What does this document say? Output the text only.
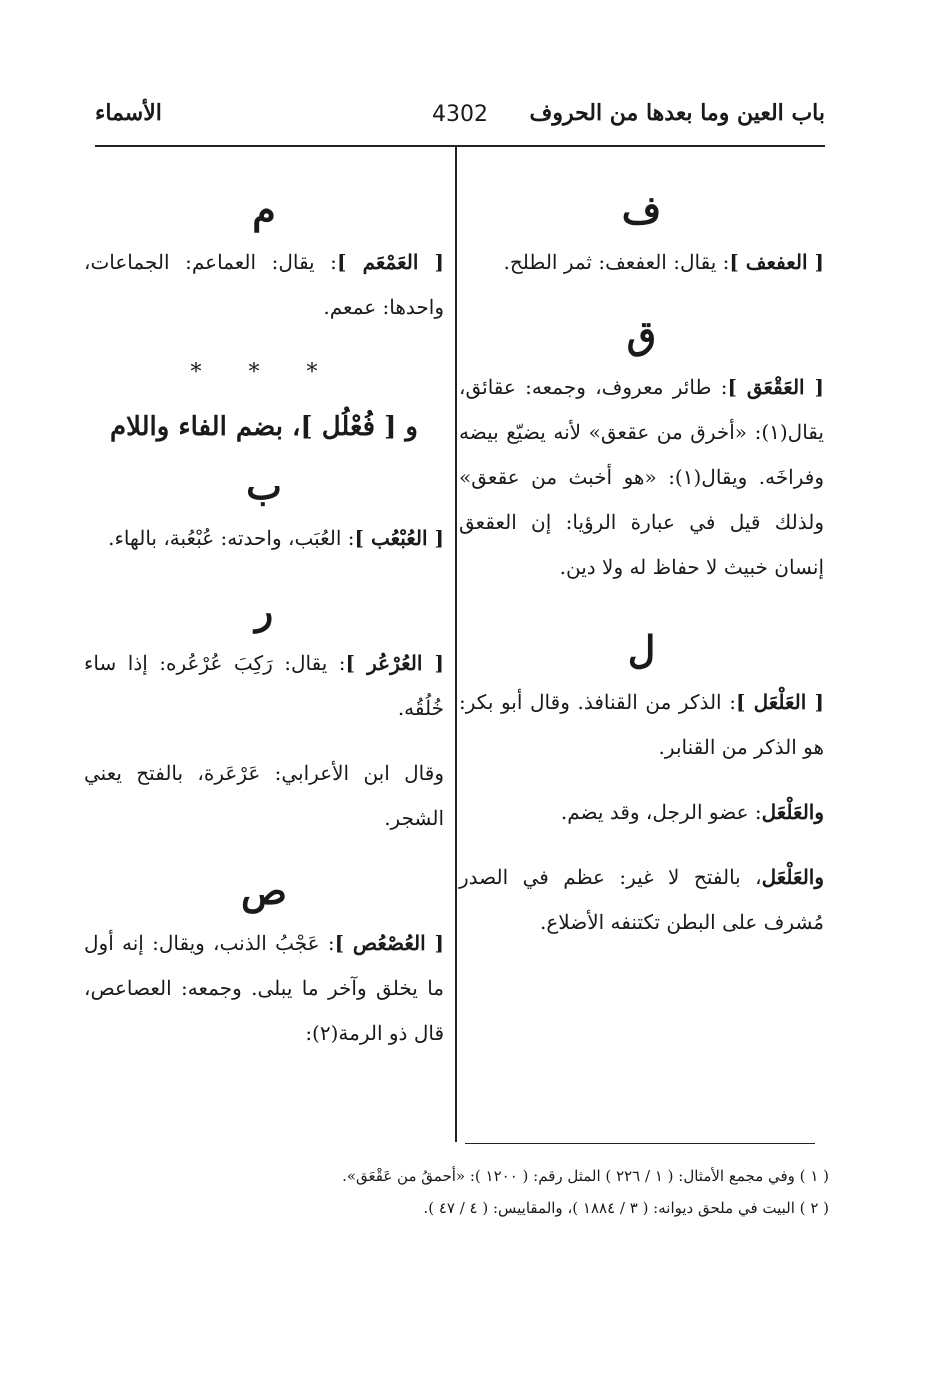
باب العين وما بعدها من الحروف
4302
الأسماء
ف

[ العفعف ]: يقال: العفعف: ثمر الطلح.

ق

[ العَقْعَق ]: طائر معروف، وجمعه: عقائق، يقال(١): «أخرق من عقعق» لأنه يضيّع بيضه وفراخَه. ويقال(١): «هو أخبث من عقعق» ولذلك قيل في عبارة الرؤيا: إن العقعق إنسان خبيث لا حفاظ له ولا دين.

ل

[ العَلْعَل ]: الذكر من القنافذ. وقال أبو بكر: هو الذكر من القنابر.

والعَلْعَل: عضو الرجل، وقد يضم.

والعَلْعَل، بالفتح لا غير: عظم في الصدر مُشرف على البطن تكتنفه الأضلاع.

م

[ العَمْعَم ]: يقال: العماعم: الجماعات، واحدها: عمعم.

* * *
و [ فُعْلُل ]، بضم الفاء واللام
ب

[ العُبْعُب ]: العُبَب، واحدته: عُبْعُبة، بالهاء.

ر

[ العُرْعُر ]: يقال: رَكِبَ عُرْعُره: إذا ساء خُلُقُه.

وقال ابن الأعرابي: عَرْعَرة، بالفتح يعني الشجر.

ص

[ العُصْعُص ]: عَجْبُ الذنب، ويقال: إنه أول ما يخلق وآخر ما يبلى. وجمعه: العصاعص، قال ذو الرمة(٢):

( ١ ) وفي مجمع الأمثال: ( ١ / ٢٢٦ ) المثل رقم: ( ١٢٠٠ ): «أحمقُ من عَقْعَق».

( ٢ ) البيت في ملحق ديوانه: ( ٣ / ١٨٨٤ )، والمقاييس: ( ٤ / ٤٧ ).
